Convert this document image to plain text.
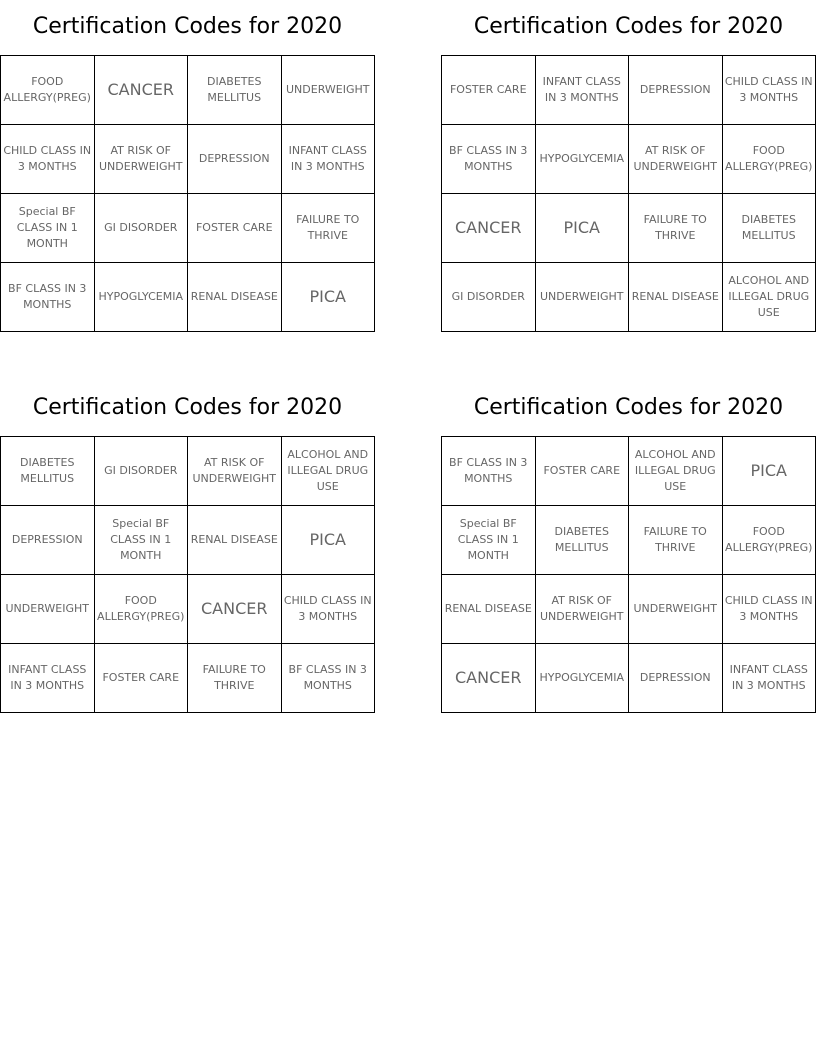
Certification Codes for 2020
FOOD ALLERGY(PREG)	CANCER	DIABETES MELLITUS	UNDERWEIGHT
CHILD CLASS IN 3 MONTHS	AT RISK OF UNDERWEIGHT	DEPRESSION	INFANT CLASS IN 3 MONTHS
Special BF CLASS IN 1 MONTH	GI DISORDER	FOSTER CARE	FAILURE TO THRIVE
BF CLASS IN 3 MONTHS	HYPOGLYCEMIA	RENAL DISEASE	PICA
Certification Codes for 2020
FOSTER CARE	INFANT CLASS IN 3 MONTHS	DEPRESSION	CHILD CLASS IN 3 MONTHS
BF CLASS IN 3 MONTHS	HYPOGLYCEMIA	AT RISK OF UNDERWEIGHT	FOOD ALLERGY(PREG)
CANCER	PICA	FAILURE TO THRIVE	DIABETES MELLITUS
GI DISORDER	UNDERWEIGHT	RENAL DISEASE	ALCOHOL AND ILLEGAL DRUG USE
Certification Codes for 2020
DIABETES MELLITUS	GI DISORDER	AT RISK OF UNDERWEIGHT	ALCOHOL AND ILLEGAL DRUG USE
DEPRESSION	Special BF CLASS IN 1 MONTH	RENAL DISEASE	PICA
UNDERWEIGHT	FOOD ALLERGY(PREG)	CANCER	CHILD CLASS IN 3 MONTHS
INFANT CLASS IN 3 MONTHS	FOSTER CARE	FAILURE TO THRIVE	BF CLASS IN 3 MONTHS
Certification Codes for 2020
BF CLASS IN 3 MONTHS	FOSTER CARE	ALCOHOL AND ILLEGAL DRUG USE	PICA
Special BF CLASS IN 1 MONTH	DIABETES MELLITUS	FAILURE TO THRIVE	FOOD ALLERGY(PREG)
RENAL DISEASE	AT RISK OF UNDERWEIGHT	UNDERWEIGHT	CHILD CLASS IN 3 MONTHS
CANCER	HYPOGLYCEMIA	DEPRESSION	INFANT CLASS IN 3 MONTHS
